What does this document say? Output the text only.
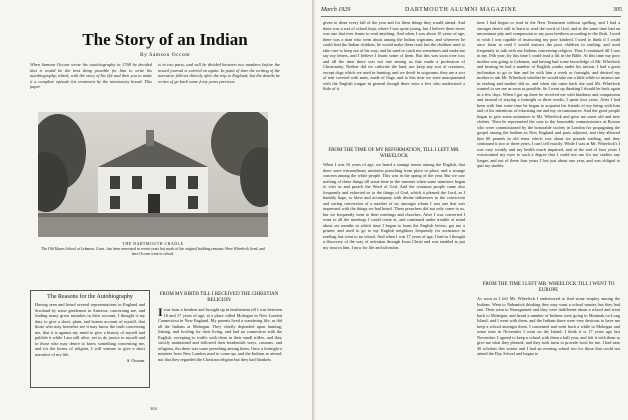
The Story of an Indian
By Samson Occom
When Samson Occom wrote his autobiography in 1768 he decided that it would be the best thing possible for him to write his autobiography, which, with the story of his life and then you to make it a complete episode his treatment by the missionary board. This paper
is in two parts, and will be divided between two numbers before the actual journal is carried on again. In point of time the writing of the narrative follows directly after the trip to England, but the details he writes of go back some forty years previous.
THE DARTMOUTH CRADLE
The Old Moses School at Lebanon, Conn., has been renovated in recent years but much of the original building remains. Here Wheelock lived, and here Occom went to school.
The Reasons for the Autobiography

Having seen and heard several representations in England and Scotland by some gentlemen in America, concerning me, and finding many gross mistakes in their account, I thought it my duty to give a short, plain, and honest account of myself, that those who may hereafter see it may know the truth concerning me, that it is against my mind to give a history of myself and publish it while I am still alive, yet to do justice to myself and to those who may desire to know something concerning me, and for the honor of religion, I will venture to give a short narrative of my life.

S. Occum.
FROM MY BIRTH TILL I RECEIVED THE CHRISTIAN RELIGION
Iwas born a heathen and brought up in heathenism till I was between 16 and 17 years of age, at a place called Mohegan in New London Connecticut in New England. My parents lived a wandering life, as did all the Indians at Mohegan. They chiefly depended upon hunting, fishing, and fowling for their living, and had no connection with the English, excepting to traffic with them in their small trifles, and they strictly maintained and followed their heathenish ways, customs, and religions, tho there was some preaching among them. Once a fortnight a minister from New London used to come up, and the Indians to attend; not that they regarded the Christian religion but they had blankets
304
March 1929	DARTMOUTH ALUMNI MAGAZINE	305
given to them every fall of the year and for these things they would attend. And there was a sort of school kept, where I was quite young, but I believe there never was one that ever learnt to read anything. And when I was about 10 years of age, there was a man who went about among the Indian wigwams, and wherever he could find the Indian children, he would make them read; but the children used to take care to keep out of his way; and he used to catch me sometimes and make me say my letters, and I believe I learnt some of them. But this was soon over too; and all the time there was not one among us that made a profession of Christianity. Neither did we cultivate the land, nor keep any sort of creatures, except dogs which we used in hunting; and we dwelt in wigwams; they are a sort of tent covered with mats, made of flags; and to this time we were unacquainted with the English tongue in general though there were a few who understood a little of it.
FROM THE TIME OF MY REFORMATION, TILL I LEFT MR. WHEELOCK
When I was 16 years of age, we heard a strange rumor among the English, that there were extraordinary ministers preaching from place to place, and a strange concern among the white people. This was in the spring of the year. But we saw nothing of these things till some time in the summer when some ministers began to visit us and preach the Word of God. And the common people came also frequently and exhorted us to the things of God, which it pleased the Lord, as I humbly hope, to bless and accompany with divine influences to the conviction and saving conversion of a number of us; amongst whom I was one that was impressed with the things we had heard. These preachers did not only come to us, but we frequently went to their meetings and churches. After I was converted I went to all the meetings I could come at, and continued under trouble of mind about six months at which time I began to learn the English letters; got me a primer, and used to go to my English neighbors frequently for assistance in reading, but went to no school. And when I was 17 years of age, I had as I thought a discovery of the way of salvation through Jesus Christ and was enabled to put my trust in him, I now for life and salvation.
time I had begun to read in the New Testament without spelling, and I had a stronger desire still to learn to read the word of God, and at the same time had an uncommon pity and compassion to my poor brethren according to the flesh. I used to wish I was capable of instructing my poor kindred. I used to think if I could once learn to read I would instruct the poor children in reading, and used frequently to talk with our Indians concerning religion. Thus I continued till I was in my 19th year; by this time I could read a lift in the Bible. At this time my poor mother was going to Lebanon, and having had some knowledge of Mr. Wheelock and hearing he had a number of English youths under his tuition, I had a great inclination to go to him and be with him a week or fortnight, and desired my mother to ask Mr. Wheelock whether he would take me a little while to instruct me in reading and mother did so, and when she came back she said Mr. Wheelock wanted to see me as soon as possible. So I went up thinking I should be back again in a few days. When I got up there he received me with kindness and compassion and instead of staying a fortnight or three weeks, I spent four years. After I had been with him some time he began to acquaint his friends of my being with him and of his intentions of educating me and my circumstances. And the good people began to give some assistance to Mr. Wheelock and gave me some old and new clothes. Then he represented the case to the honorable commissioners at Boston who were commissioned by the honorable society in London for propagating the gospel among the Indians in New England and parts adjacent, and they allowed him 60 pounds in old tenor which was about six pounds sterling, and they continued it two or three years, I can't tell exactly. While I was at Mr. Wheelock's I was very weakly and my health much impaired, and at the end of four years I overstrained my eyes to such a degree that I could not use for my studies any longer, and out of these four years I lost just about one year, and was obliged to quit my studies.
FROM THE TIME I LEFT MR. WHEELOCK TILL I WENT TO EUROPE
As soon as I left Mr. Wheelock I endeavored to find some employ among the Indians. Went to Nahantick thinking they may want a school master, but they had one. Then went to Narragansett and they were indifferent about a school and went back to Mohegan, and heard a number of Indians were going to Montauk on Long Island, and I went with them, and the Indians there were very desirous to have me keep a school amongst them. I consented and went back a while to Mohegan and some time in November I went on the Island, I think it is 17 years ago last November. I agreed to keep a school with them a half year, and left it with them to give me what they pleased; and they took turns to provide food for me. I had near 30 scholars this winter and I had an evening school too for those that could not attend the Day School and began to
